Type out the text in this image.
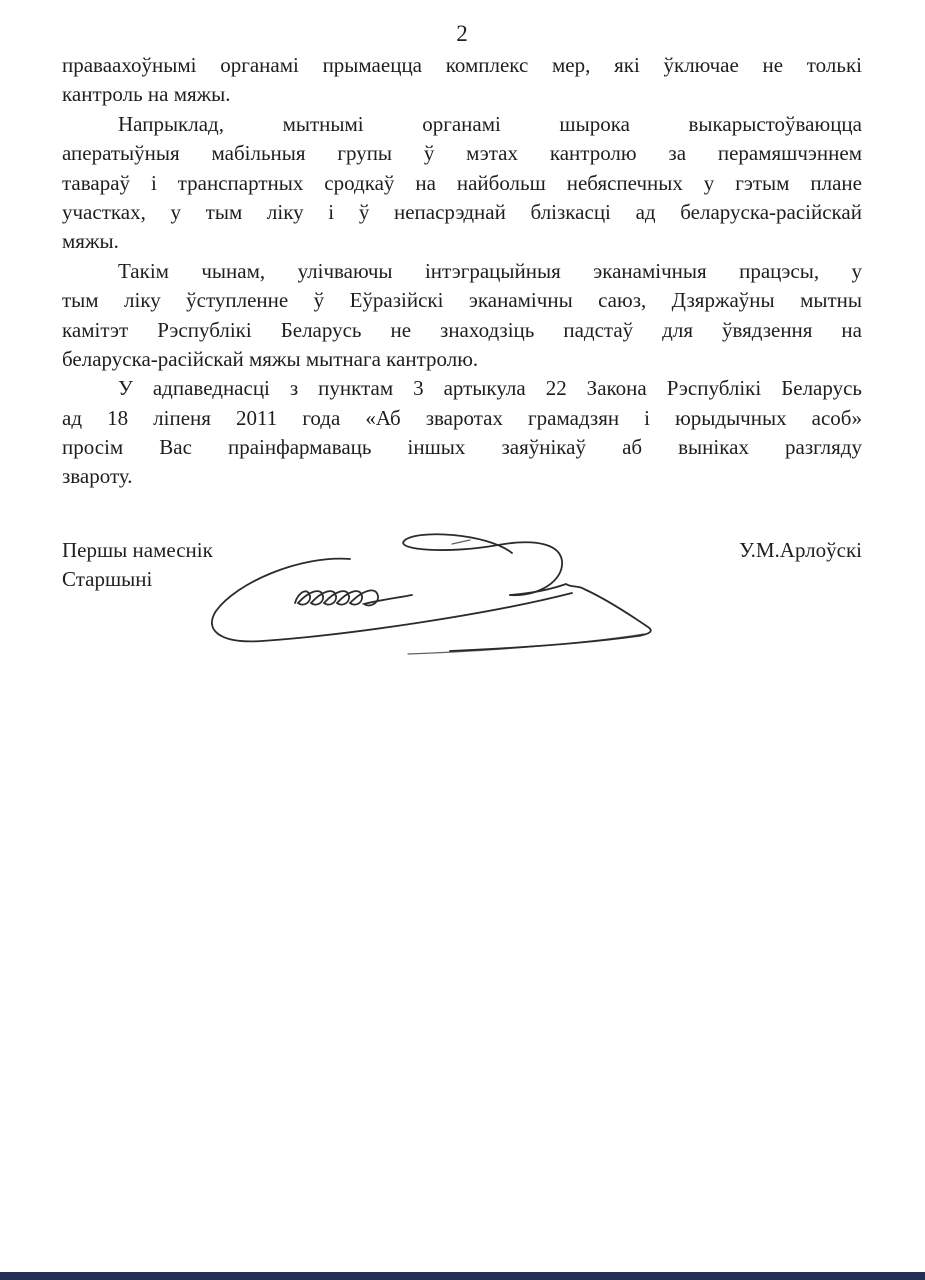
2
праваахоўнымі органамі прымаецца комплекс мер, які ўключае не толькі
кантроль на мяжы.
Напрыклад, мытнымі органамі шырока выкарыстоўваюцца
аператыўныя мабільныя групы ў мэтах кантролю за перамяшчэннем
тавараў і транспартных сродкаў на найбольш небяспечных у гэтым плане
участках, у тым ліку і ў непасрэднай блізкасці ад беларуска-расійскай
мяжы.
Такім чынам, улічваючы інтэграцыйныя эканамічныя працэсы, у
тым ліку ўступленне ў Еўразійскі эканамічны саюз, Дзяржаўны мытны
камітэт Рэспублікі Беларусь не знаходзіць падстаў для ўвядзення на
беларуска-расійскай мяжы мытнага кантролю.
У адпаведнасці з пунктам 3 артыкула 22 Закона Рэспублікі Беларусь
ад 18 ліпеня 2011 года «Аб зваротах грамадзян і юрыдычных асоб»
просім Вас праінфармаваць іншых заяўнікаў аб выніках разгляду
звароту.
Першы намеснік
Старшыні
У.М.Арлоўскі
